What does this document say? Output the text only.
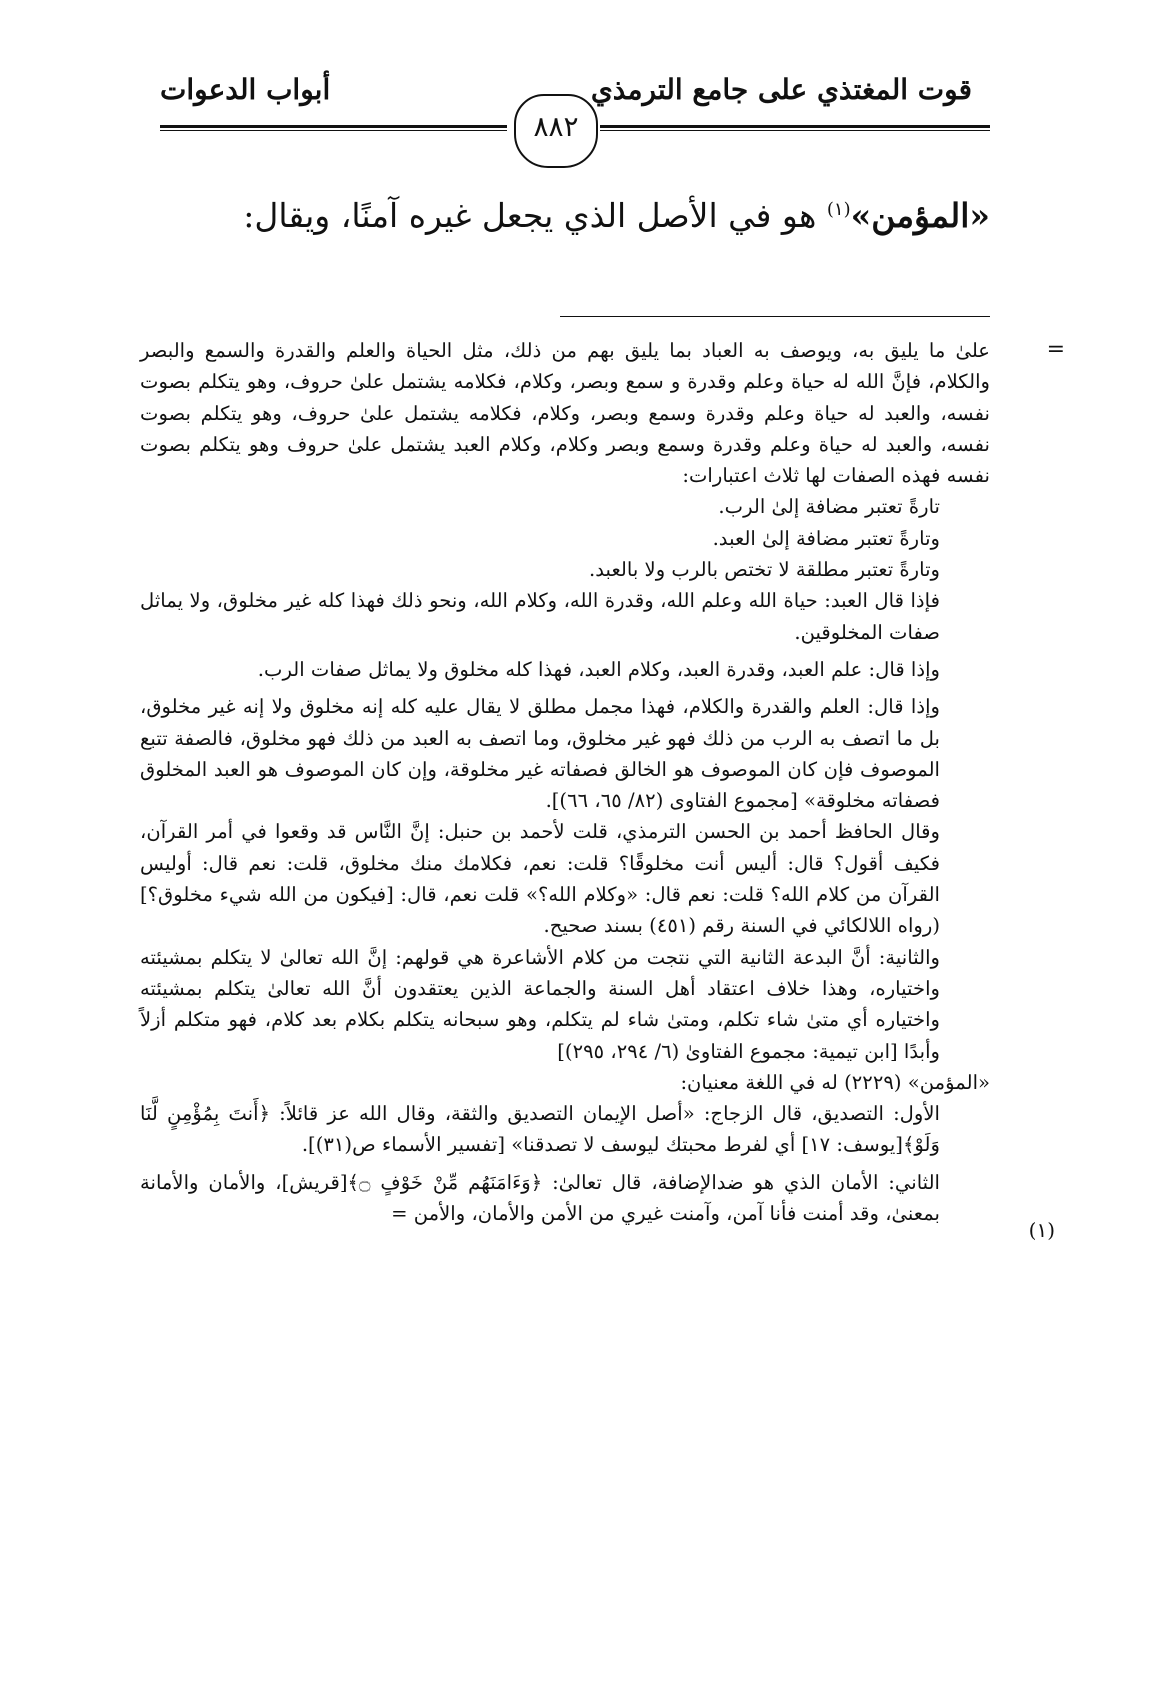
قوت المغتذي على جامع الترمذي
أبواب الدعوات
٨٨٢
«المؤمن»$^{(١)}$ هو في الأصل الذي يجعل غيره آمنًا، ويقال:
=
(١)

علىٰ ما يليق به، ويوصف به العباد بما يليق بهم من ذلك، مثل الحياة والعلم والقدرة والسمع والبصر والكلام، فإنَّ الله له حياة وعلم وقدرة و سمع وبصر، وكلام، فكلامه يشتمل علىٰ حروف، وهو يتكلم بصوت نفسه، والعبد له حياة وعلم وقدرة وسمع وبصر، وكلام، فكلامه يشتمل علىٰ حروف، وهو يتكلم بصوت نفسه، والعبد له حياة وعلم وقدرة وسمع وبصر وكلام، وكلام العبد يشتمل علىٰ حروف وهو يتكلم بصوت نفسه فهذه الصفات لها ثلاث اعتبارات:

تارةً تعتبر مضافة إلىٰ الرب.

وتارةً تعتبر مضافة إلىٰ العبد.

وتارةً تعتبر مطلقة لا تختص بالرب ولا بالعبد.

فإذا قال العبد: حياة الله وعلم الله، وقدرة الله، وكلام الله، ونحو ذلك فهذا كله غير مخلوق، ولا يماثل صفات المخلوقين.

وإذا قال: علم العبد، وقدرة العبد، وكلام العبد، فهذا كله مخلوق ولا يماثل صفات الرب.

وإذا قال: العلم والقدرة والكلام، فهذا مجمل مطلق لا يقال عليه كله إنه مخلوق ولا إنه غير مخلوق، بل ما اتصف به الرب من ذلك فهو غير مخلوق، وما اتصف به العبد من ذلك فهو مخلوق، فالصفة تتبع الموصوف فإن كان الموصوف هو الخالق فصفاته غير مخلوقة، وإن كان الموصوف هو العبد المخلوق فصفاته مخلوقة» [مجموع الفتاوى (٨٢/ ٦٥، ٦٦)].

وقال الحافظ أحمد بن الحسن الترمذي، قلت لأحمد بن حنبل: إنَّ النَّاس قد وقعوا في أمر القرآن، فكيف أقول؟ قال: أليس أنت مخلوقًا؟ قلت: نعم، فكلامك منك مخلوق، قلت: نعم قال: أوليس القرآن من كلام الله؟ قلت: نعم قال: «وكلام الله؟» قلت نعم، قال: [فيكون من الله شيء مخلوق؟] (رواه اللالكائي في السنة رقم (٤٥١) بسند صحيح.

والثانية: أنَّ البدعة الثانية التي نتجت من كلام الأشاعرة هي قولهم: إنَّ الله تعالىٰ لا يتكلم بمشيئته واختياره، وهذا خلاف اعتقاد أهل السنة والجماعة الذين يعتقدون أنَّ الله تعالىٰ يتكلم بمشيئته واختياره أي متىٰ شاء تكلم، ومتىٰ شاء لم يتكلم، وهو سبحانه يتكلم بكلام بعد كلام، فهو متكلم أزلاً وأبدًا [ابن تيمية: مجموع الفتاوىٰ (٦/ ٢٩٤، ٢٩٥)]

«المؤمن» (٢٢٢٩) له في اللغة معنيان:

الأول: التصديق، قال الزجاج: «أصل الإيمان التصديق والثقة، وقال الله عز قائلاً: ﴿أَنتَ بِمُؤْمِنٍ لَّنَا وَلَوْ﴾[يوسف: ١٧] أي لفرط محبتك ليوسف لا تصدقنا» [تفسير الأسماء ص(٣١)].

الثاني: الأمان الذي هو ضدالإضافة، قال تعالىٰ: ﴿وَءَامَنَهُم مِّنْ خَوْفٍ ۝﴾[قريش]، والأمان والأمانة بمعنىٰ، وقد أمنت فأنا آمن، وآمنت غيري من الأمن والأمان، والأمن =
